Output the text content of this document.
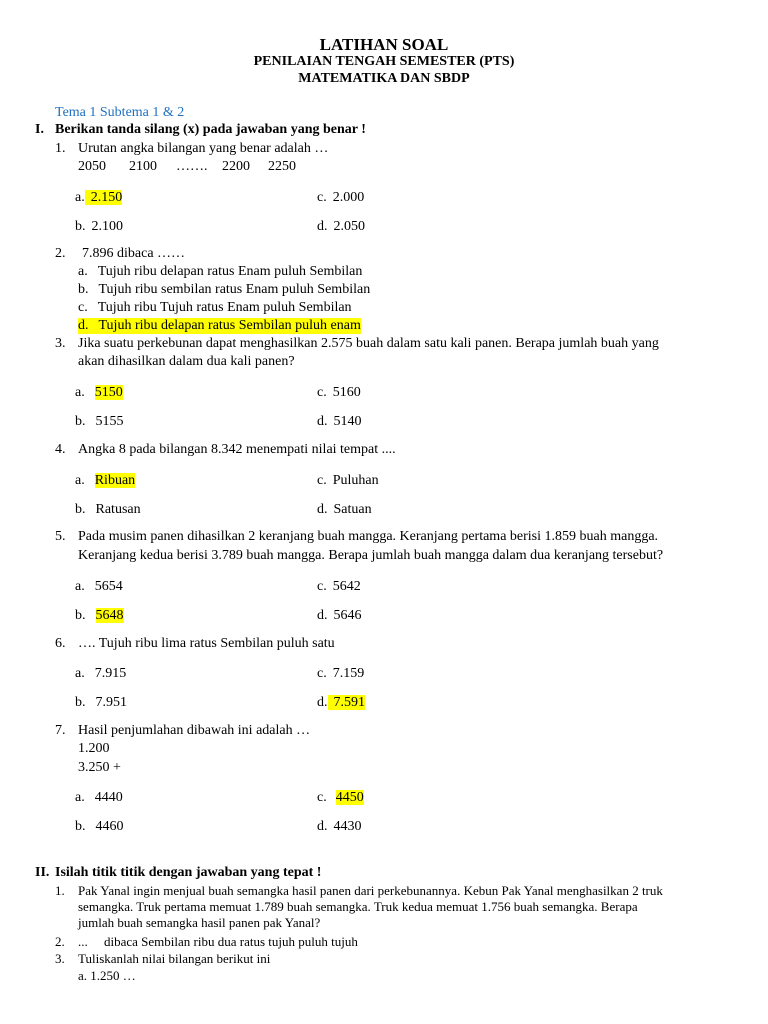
LATIHAN SOAL
PENILAIAN TENGAH SEMESTER (PTS)
MATEMATIKA DAN SBDP
Tema 1 Subtema 1 & 2
I. Berikan tanda silang (x) pada jawaban yang benar !
1. Urutan angka bilangan yang benar adalah …
2050 2100 ……. 2200 2250
a. 2.150	c. 2.000
b. 2.100	d. 2.050
2. 7.896 dibaca ……
a. Tujuh ribu delapan ratus Enam puluh Sembilan
b. Tujuh ribu sembilan ratus Enam puluh Sembilan
c. Tujuh ribu Tujuh ratus Enam puluh Sembilan
d. Tujuh ribu delapan ratus Sembilan puluh enam
3. Jika suatu perkebunan dapat menghasilkan 2.575 buah dalam satu kali panen. Berapa jumlah buah yang
akan dihasilkan dalam dua kali panen?
a. 5150	c. 5160
b. 5155	d. 5140
4. Angka 8 pada bilangan 8.342 menempati nilai tempat ....
a. Ribuan	c. Puluhan
b. Ratusan	d. Satuan
5. Pada musim panen dihasilkan 2 keranjang buah mangga. Keranjang pertama berisi 1.859 buah mangga.
Keranjang kedua berisi 3.789 buah mangga. Berapa jumlah buah mangga dalam dua keranjang tersebut?
a. 5654	c. 5642
b. 5648	d. 5646
6. …. Tujuh ribu lima ratus Sembilan puluh satu
a. 7.915	c. 7.159
b. 7.951	d. 7.591
7. Hasil penjumlahan dibawah ini adalah …
1.200
3.250 +
a. 4440	c. 4450
b. 4460	d. 4430
II. Isilah titik titik dengan jawaban yang tepat !
1. Pak Yanal ingin menjual buah semangka hasil panen dari perkebunannya. Kebun Pak Yanal menghasilkan 2 truk
semangka. Truk pertama memuat 1.789 buah semangka. Truk kedua memuat 1.756 buah semangka. Berapa
jumlah buah semangka hasil panen pak Yanal?
2. ...     dibaca Sembilan ribu dua ratus tujuh puluh tujuh
3. Tuliskanlah nilai bilangan berikut ini
a. 1.250 …
